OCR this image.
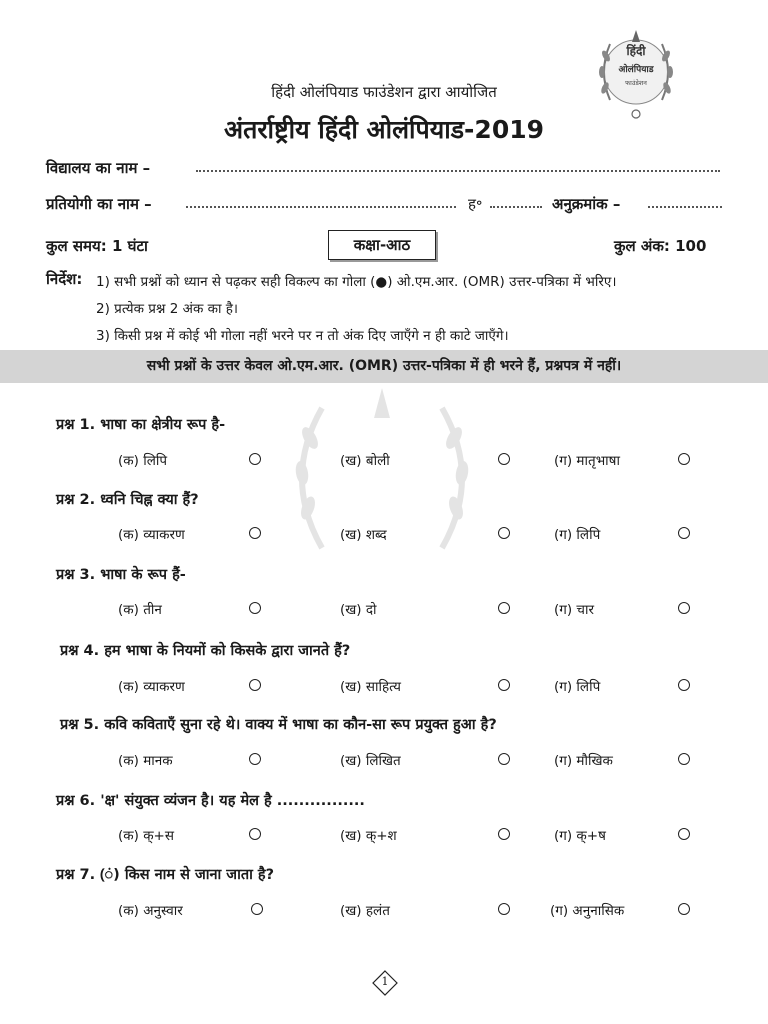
हिंदी
ओलंपियाड
फाउंडेशन
हिंदी ओलंपियाड फाउंडेशन द्वारा आयोजित
अंतर्राष्ट्रीय हिंदी ओलंपियाड-2019
विद्यालय का नाम –
प्रतियोगी का नाम –	ह॰	अनुक्रमांक –
कुल समय: 1 घंटा	कक्षा-आठ	कुल अंक: 100
निर्देश: 1) सभी प्रश्नों को ध्यान से पढ़कर सही विकल्प का गोला (●) ओ.एम.आर. (OMR) उत्तर-पत्रिका में भरिए।
2) प्रत्येक प्रश्न 2 अंक का है।
3) किसी प्रश्न में कोई भी गोला नहीं भरने पर न तो अंक दिए जाएँगे न ही काटे जाएँगे।
सभी प्रश्नों के उत्तर केवल ओ.एम.आर. (OMR) उत्तर-पत्रिका में ही भरने हैं, प्रश्नपत्र में नहीं।
प्रश्न 1. भाषा का क्षेत्रीय रूप है-
(क) लिपि	(ख) बोली	(ग) मातृभाषा
प्रश्न 2. ध्वनि चिह्न क्या हैं?
(क) व्याकरण	(ख) शब्द	(ग) लिपि
प्रश्न 3. भाषा के रूप हैं-
(क) तीन	(ख) दो	(ग) चार
प्रश्न 4. हम भाषा के नियमों को किसके द्वारा जानते हैं?
(क) व्याकरण	(ख) साहित्य	(ग) लिपि
प्रश्न 5. कवि कविताएँ सुना रहे थे। वाक्य में भाषा का कौन-सा रूप प्रयुक्त हुआ है?
(क) मानक	(ख) लिखित	(ग) मौखिक
प्रश्न 6. 'क्ष' संयुक्त व्यंजन है। यह मेल है ................
(क) क्+स	(ख) क्+श	(ग) क्+ष
प्रश्न 7. (ं) किस नाम से जाना जाता है?
(क) अनुस्वार	(ख) हलंत	(ग) अनुनासिक
1
